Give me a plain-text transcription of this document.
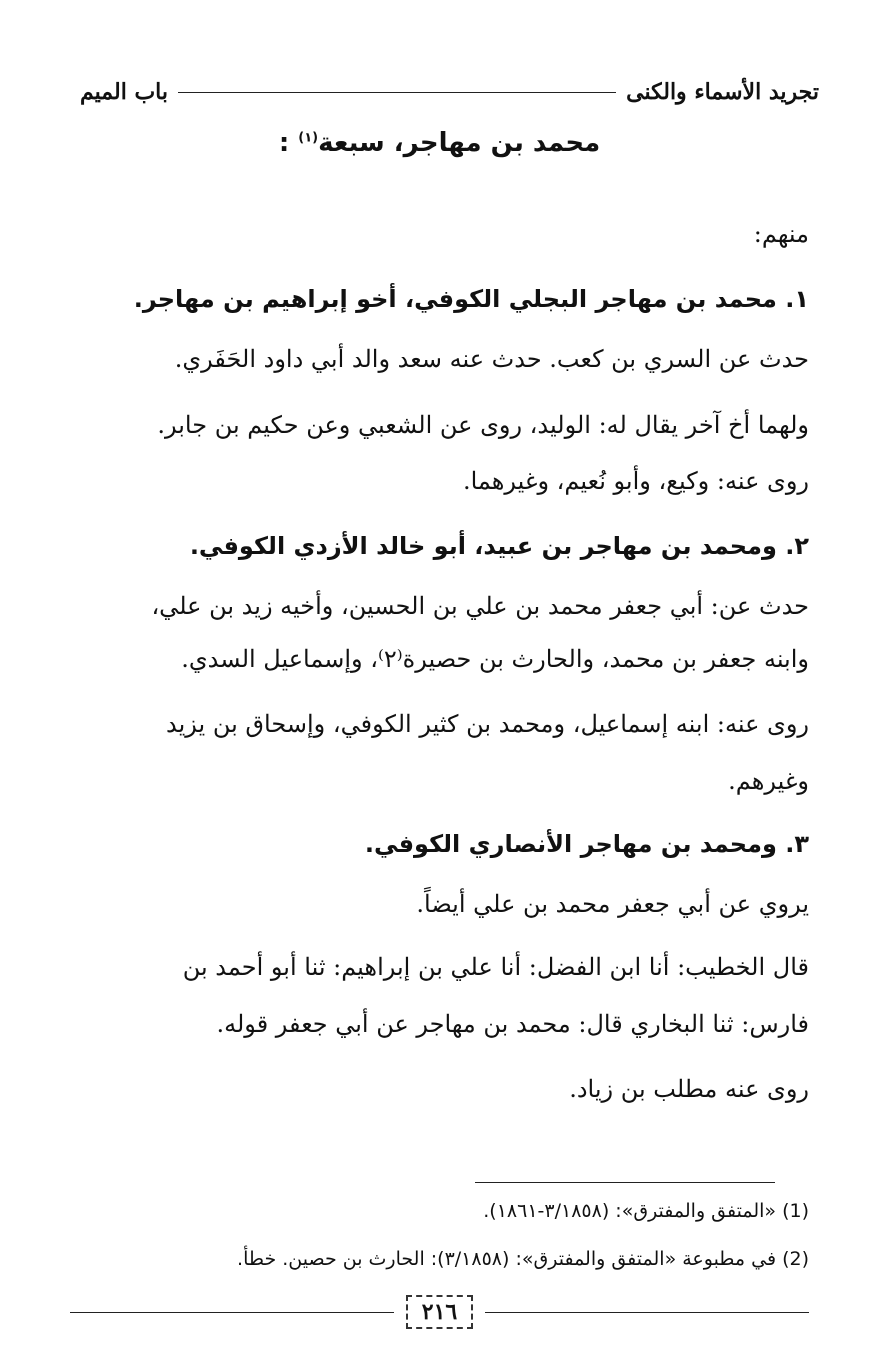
تجريد الأسماء والكنى
باب الميم
محمد بن مهاجر، سبعة$^{(١)}$ :
منهم:
١. محمد بن مهاجر البجلي الكوفي، أخو إبراهيم بن مهاجر.
حدث عن السري بن كعب. حدث عنه سعد والد أبي داود الحَفَري.
ولهما أخ آخر يقال له: الوليد، روى عن الشعبي وعن حكيم بن جابر.
روى عنه: وكيع، وأبو نُعيم، وغيرهما.
٢. ومحمد بن مهاجر بن عبيد، أبو خالد الأزدي الكوفي.
حدث عن: أبي جعفر محمد بن علي بن الحسين، وأخيه زيد بن علي،
وابنه جعفر بن محمد، والحارث بن حصيرة⁽٢⁾، وإسماعيل السدي.
روى عنه: ابنه إسماعيل، ومحمد بن كثير الكوفي، وإسحاق بن يزيد
وغيرهم.
٣. ومحمد بن مهاجر الأنصاري الكوفي.
يروي عن أبي جعفر محمد بن علي أيضاً.
قال الخطيب: أنا ابن الفضل: أنا علي بن إبراهيم: ثنا أبو أحمد بن
فارس: ثنا البخاري قال: محمد بن مهاجر عن أبي جعفر قوله.
روى عنه مطلب بن زياد.
(1) «المتفق والمفترق»: (٣/١٨٥٨-١٨٦١).
(2) في مطبوعة «المتفق والمفترق»: (٣/١٨٥٨): الحارث بن حصين. خطأ.
٢١٦
